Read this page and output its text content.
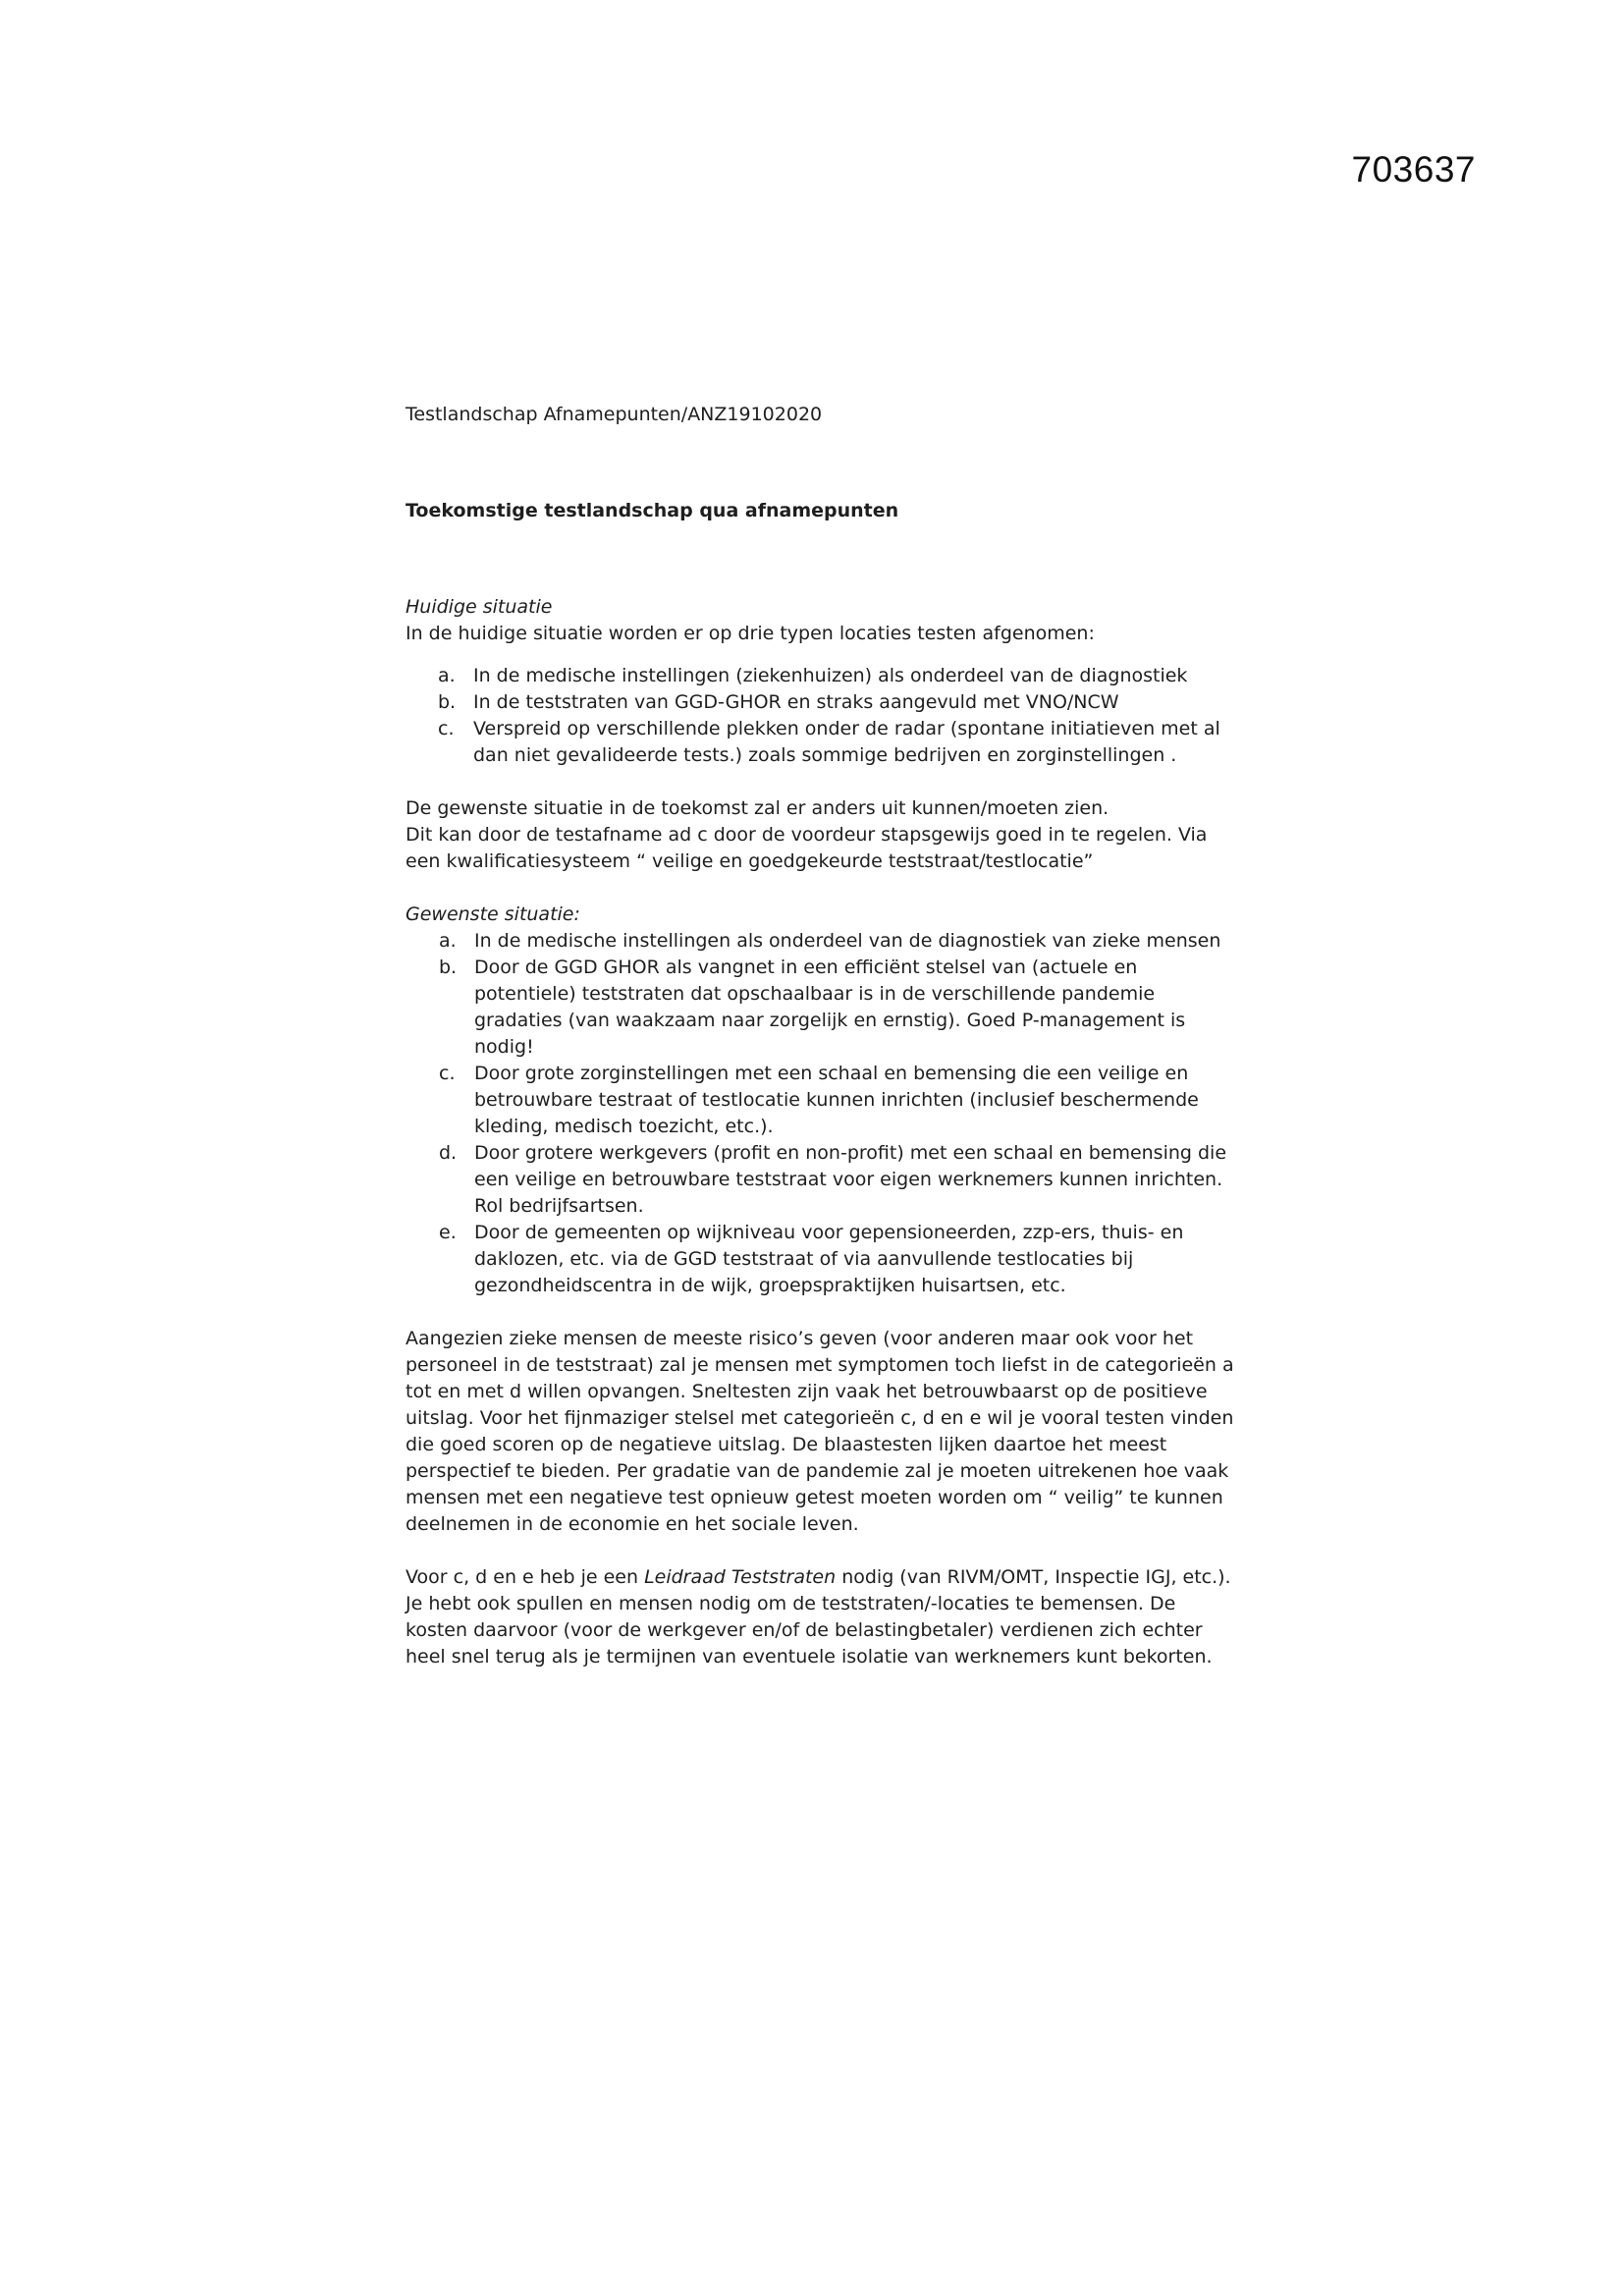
703637

Testlandschap Afnamepunten/ANZ19102020

Toekomstige testlandschap qua afnamepunten

Huidige situatie

In de huidige situatie worden er op drie typen locaties testen afgenomen:

a. In de medische instellingen (ziekenhuizen) als onderdeel van de diagnostiek
b. In de teststraten van GGD-GHOR en straks aangevuld met VNO/NCW
c. Verspreid op verschillende plekken onder de radar (spontane initiatieven met al dan niet gevalideerde tests.) zoals sommige bedrijven en zorginstellingen .

De gewenste situatie in de toekomst zal er anders uit kunnen/moeten zien.

Dit kan door de testafname ad c door de voordeur stapsgewijs goed in te regelen. Via een kwalificatiesysteem “ veilige en goedgekeurde teststraat/testlocatie”

Gewenste situatie:

a. In de medische instellingen als onderdeel van de diagnostiek van zieke mensen
b. Door de GGD GHOR als vangnet in een efficiënt stelsel van (actuele en potentiele) teststraten dat opschaalbaar is in de verschillende pandemie gradaties (van waakzaam naar zorgelijk en ernstig). Goed P-management is nodig!
c. Door grote zorginstellingen met een schaal en bemensing die een veilige en betrouwbare testraat of testlocatie kunnen inrichten (inclusief beschermende kleding, medisch toezicht, etc.).
d. Door grotere werkgevers (profit en non-profit) met een schaal en bemensing die een veilige en betrouwbare teststraat voor eigen werknemers kunnen inrichten. Rol bedrijfsartsen.
e. Door de gemeenten op wijkniveau voor gepensioneerden, zzp-ers, thuis- en daklozen, etc. via de GGD teststraat of via aanvullende testlocaties bij gezondheidscentra in de wijk, groepspraktijken huisartsen, etc.

Aangezien zieke mensen de meeste risico’s geven (voor anderen maar ook voor het personeel in de teststraat) zal je mensen met symptomen toch liefst in de categorieën a tot en met d willen opvangen. Sneltesten zijn vaak het betrouwbaarst op de positieve uitslag. Voor het fijnmaziger stelsel met categorieën c, d en e wil je vooral testen vinden die goed scoren op de negatieve uitslag. De blaastesten lijken daartoe het meest perspectief te bieden. Per gradatie van de pandemie zal je moeten uitrekenen hoe vaak mensen met een negatieve test opnieuw getest moeten worden om “ veilig” te kunnen deelnemen in de economie en het sociale leven.

Voor c, d en e heb je een Leidraad Teststraten nodig (van RIVM/OMT, Inspectie IGJ, etc.). Je hebt ook spullen en mensen nodig om de teststraten/-locaties te bemensen. De kosten daarvoor (voor de werkgever en/of de belastingbetaler) verdienen zich echter heel snel terug als je termijnen van eventuele isolatie van werknemers kunt bekorten.
